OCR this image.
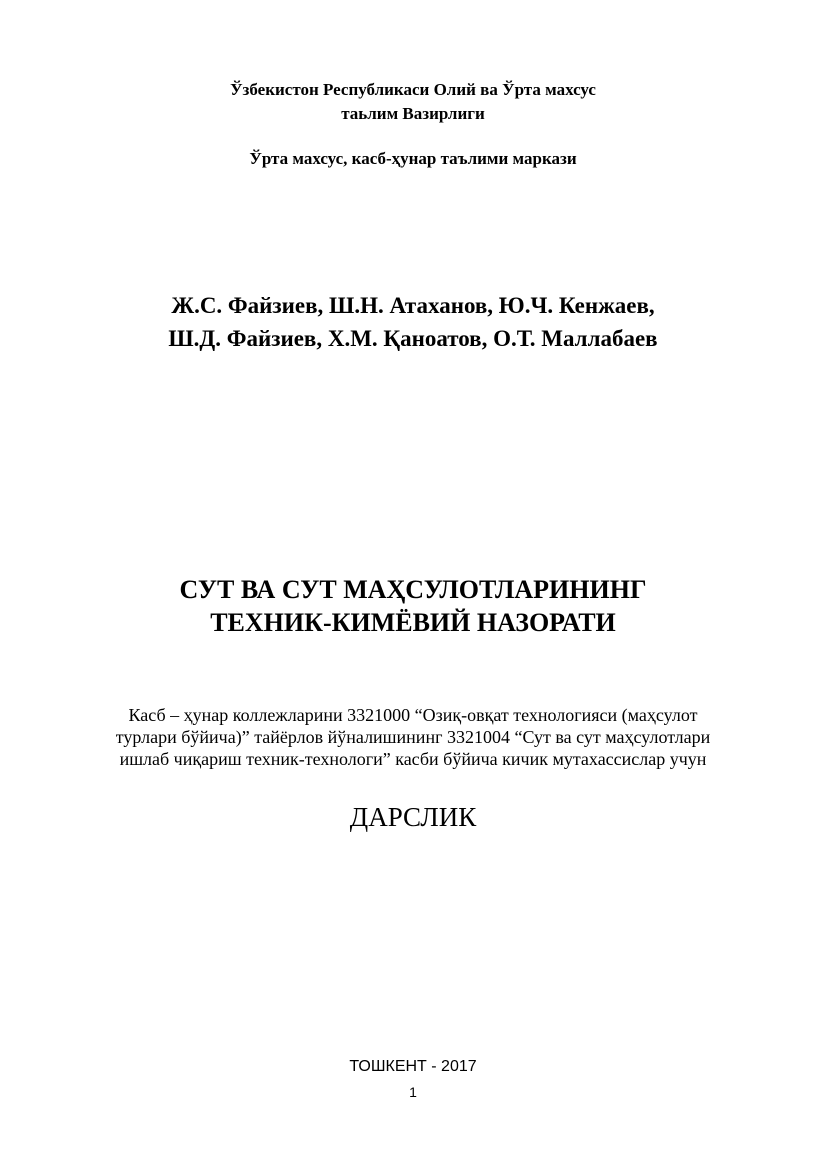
Ўзбекистон Республикаси Олий ва Ўрта махсус
таьлим Вазирлиги
Ўрта махсус, касб-ҳунар таълими маркази
Ж.С. Файзиев, Ш.Н. Атаханов, Ю.Ч. Кенжаев,
Ш.Д. Файзиев, Х.М. Қаноатов, О.Т. Маллабаев
СУТ ВА СУТ МАҲСУЛОТЛАРИНИНГ
ТЕХНИК-КИМЁВИЙ НАЗОРАТИ
Касб – ҳунар коллежларини 3321000 “Озиқ-овқат технологияси (маҳсулот
турлари бўйича)” тайёрлов йўналишининг 3321004 “Сут ва сут маҳсулотлари
ишлаб чиқариш техник-технологи” касби бўйича кичик мутахассислар учун
ДАРСЛИК
ТОШКЕНТ - 2017
1
